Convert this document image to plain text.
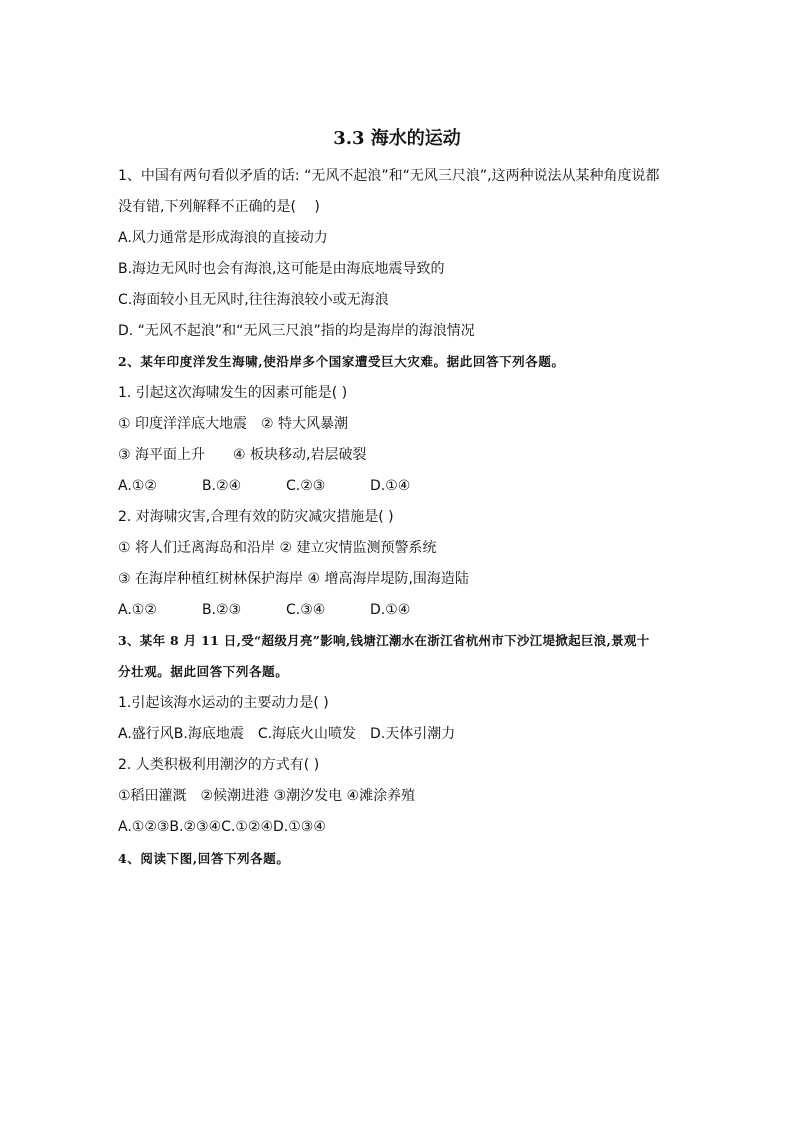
3.3 海水的运动
1、中国有两句看似矛盾的话: “无风不起浪”和“无风三尺浪”,这两种说法从某种角度说都
没有错,下列解释不正确的是(　 )
A.风力通常是形成海浪的直接动力
B.海边无风时也会有海浪,这可能是由海底地震导致的
C.海面较小且无风时,往往海浪较小或无海浪
D. “无风不起浪”和“无风三尺浪”指的均是海岸的海浪情况
2、某年印度洋发生海啸,使沿岸多个国家遭受巨大灾难。据此回答下列各题。
1. 引起这次海啸发生的因素可能是( )
① 印度洋洋底大地震　② 特大风暴潮
③ 海平面上升　　④ 板块移动,岩层破裂
A.①②	B.②④	C.②③	D.①④
2. 对海啸灾害,合理有效的防灾减灾措施是( )
① 将人们迁离海岛和沿岸 ② 建立灾情监测预警系统
③ 在海岸种植红树林保护海岸 ④ 增高海岸堤防,围海造陆
A.①②	B.②③	C.③④	D.①④
3、某年 8 月 11 日,受“超级月亮”影响,钱塘江潮水在浙江省杭州市下沙江堤掀起巨浪,景观十
分壮观。据此回答下列各题。
1.引起该海水运动的主要动力是( )
A.盛行风B.海底地震　C.海底火山喷发　D.天体引潮力
2. 人类积极利用潮汐的方式有( )
①稻田灌溉　②候潮进港 ③潮汐发电 ④滩涂养殖
A.①②③B.②③④C.①②④D.①③④
4、阅读下图,回答下列各题。
